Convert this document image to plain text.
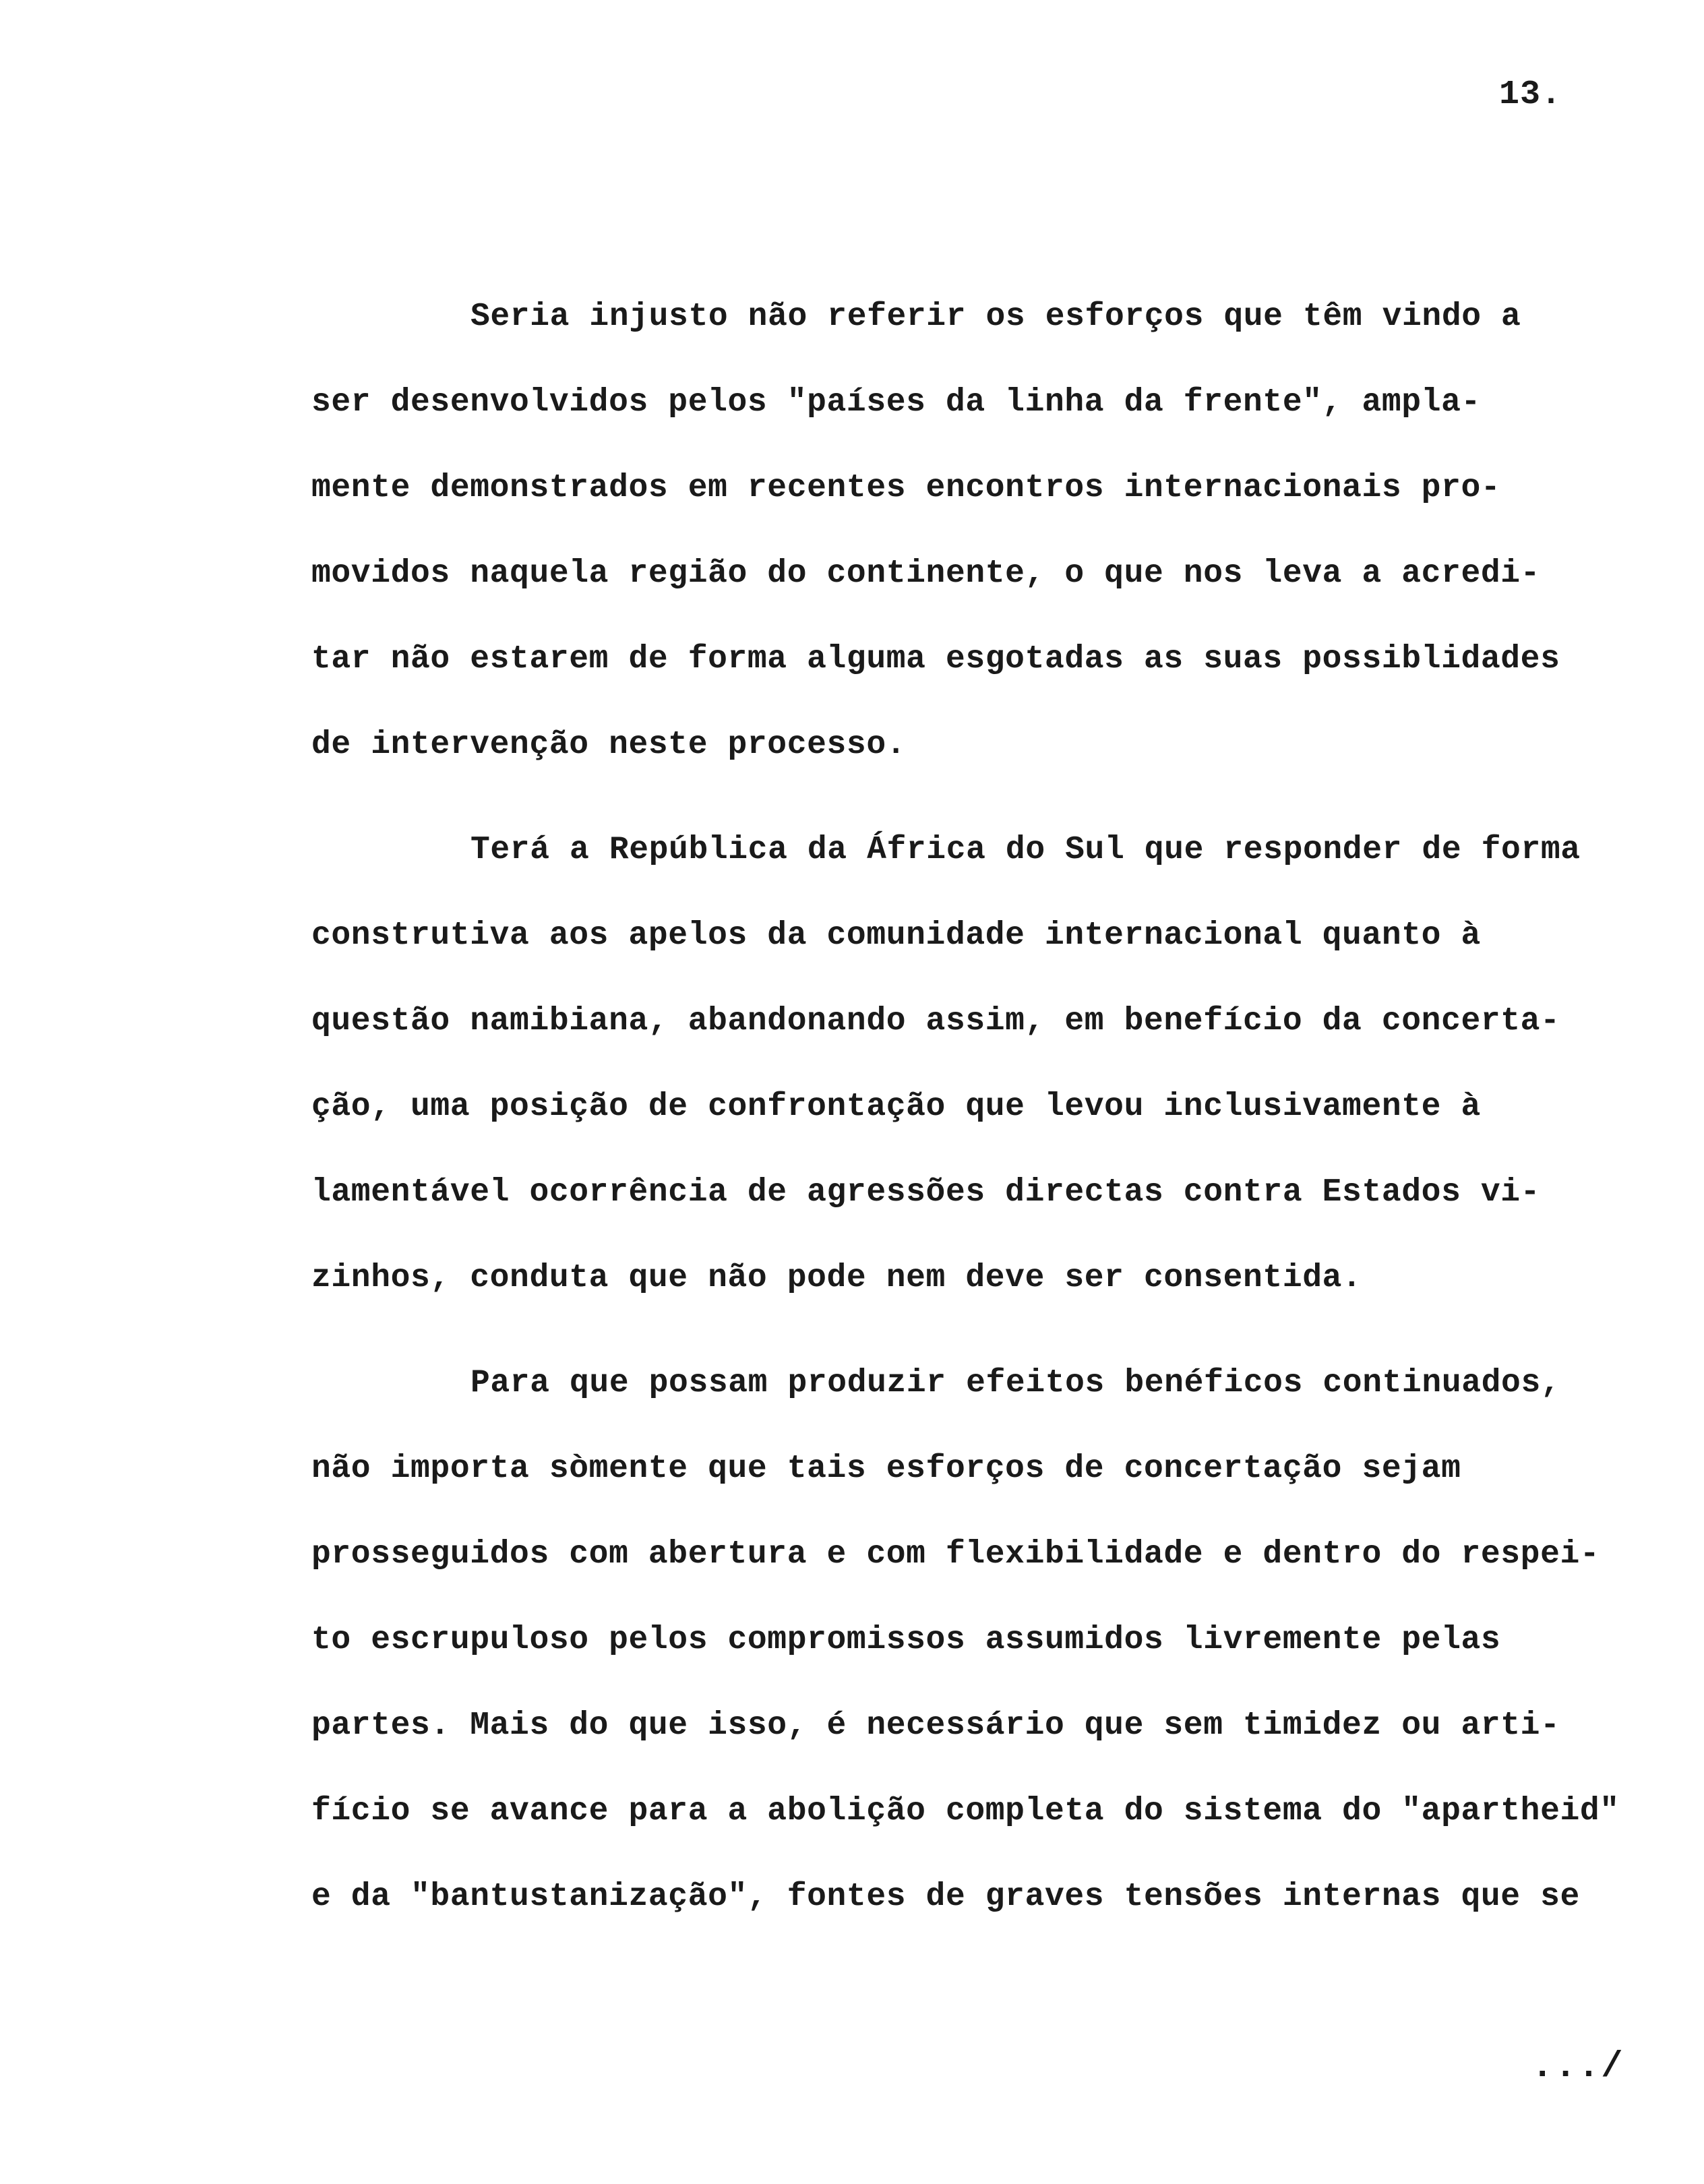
13.
Seria injusto não referir os esforços que têm vindo a
ser desenvolvidos pelos "países da linha da frente", ampla-
mente demonstrados em recentes encontros internacionais pro-
movidos naquela região do continente, o que nos leva a acredi-
tar não estarem de forma alguma esgotadas as suas possiblidades
de intervenção neste processo.
Terá a República da África do Sul que responder de forma
construtiva aos apelos da comunidade internacional quanto à
questão namibiana, abandonando assim, em benefício da concerta-
ção, uma posição de confrontação que levou inclusivamente à
lamentável ocorrência de agressões directas contra Estados vi-
zinhos, conduta que não pode nem deve ser consentida.
Para que possam produzir efeitos benéficos continuados,
não importa sòmente que tais esforços de concertação sejam
prosseguidos com abertura e com flexibilidade e dentro do respei-
to escrupuloso pelos compromissos assumidos livremente pelas
partes. Mais do que isso, é necessário que sem timidez ou arti-
fício se avance para a abolição completa do sistema do "apartheid"
e da "bantustanização", fontes de graves tensões internas que se
.../
